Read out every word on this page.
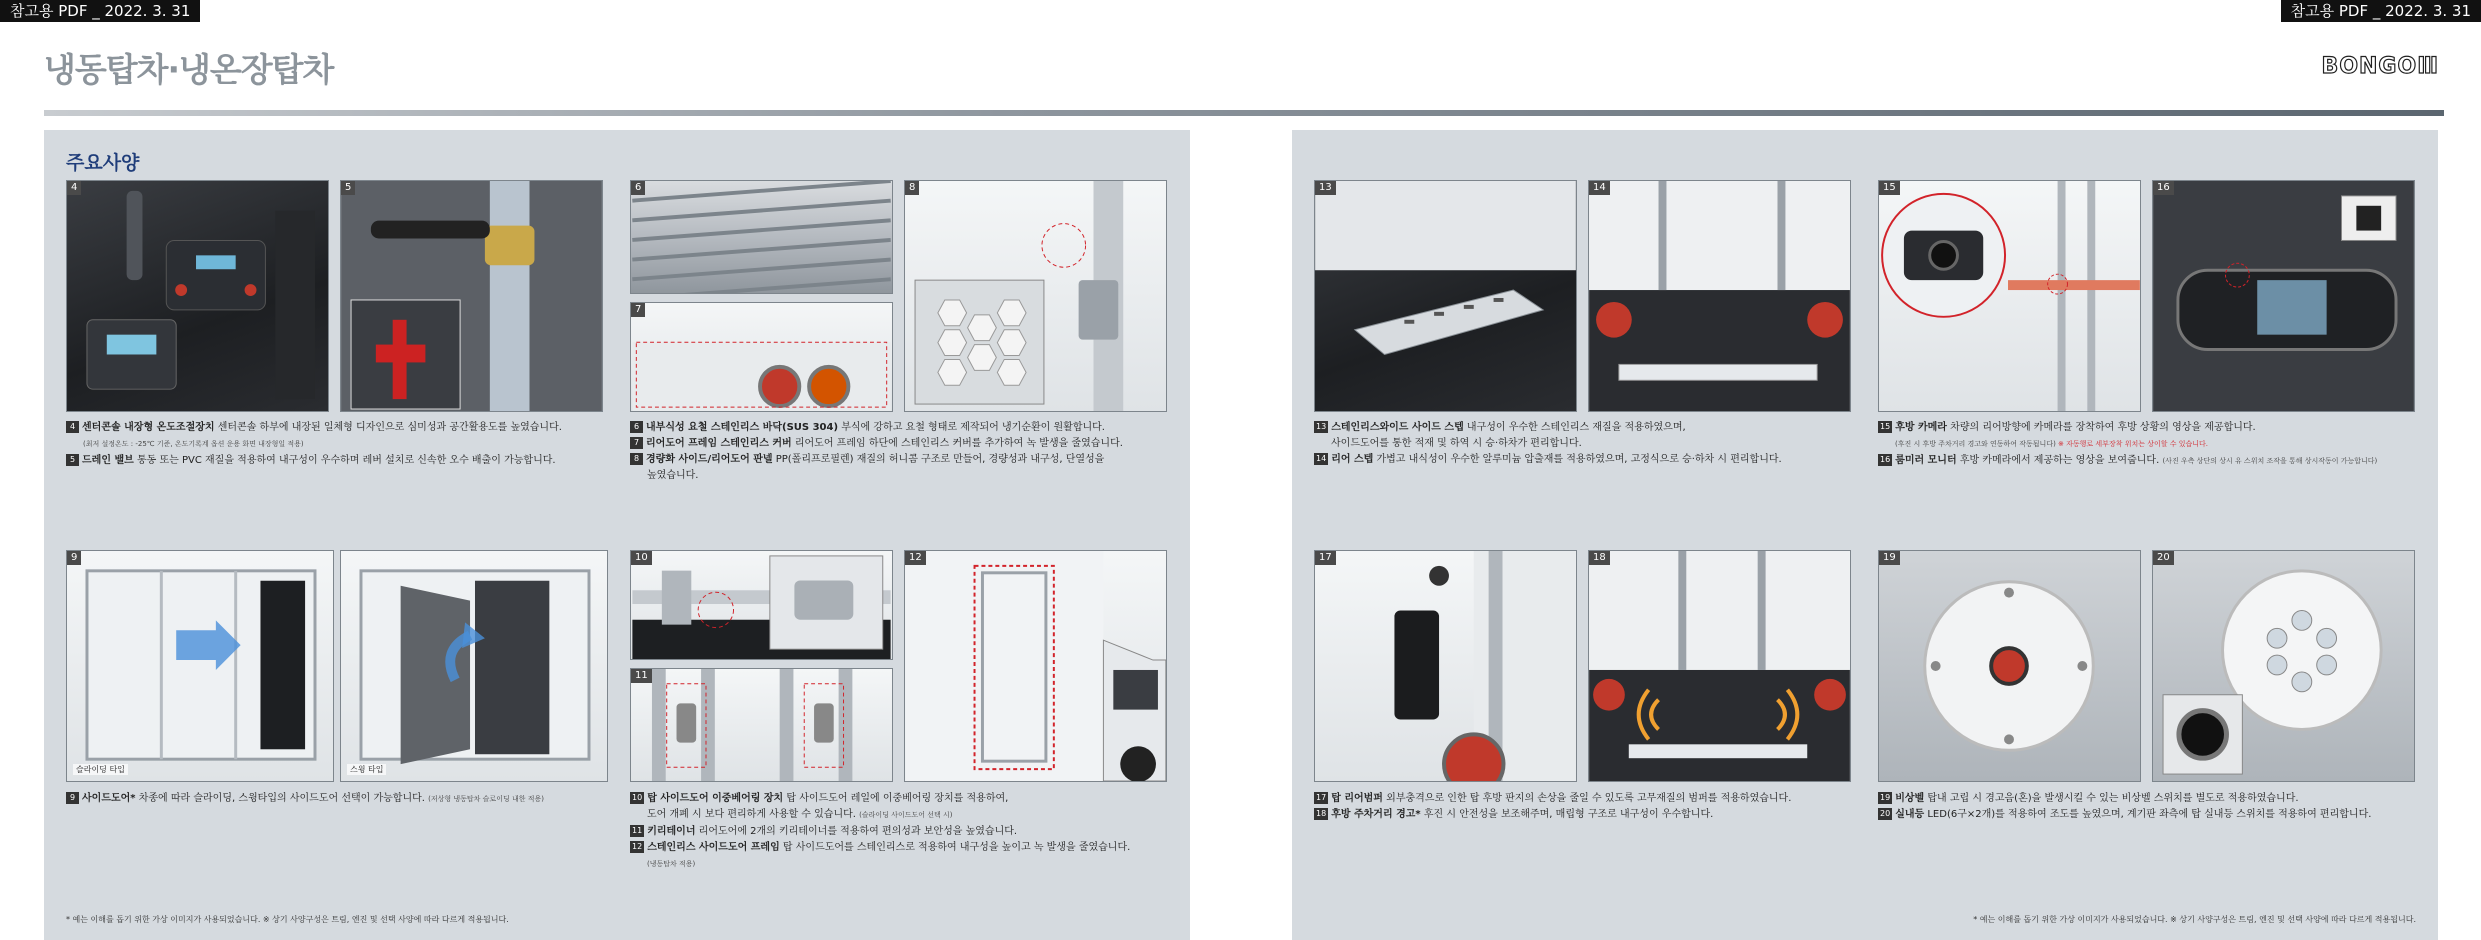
참고용 PDF _ 2022. 3. 31	참고용 PDF _ 2022. 3. 31
냉동탑차·냉온장탑차	BONGOⅢ
주요사양
4	5	6
7
8

4 센터콘솔 내장형 온도조절장치 센터콘솔 하부에 내장된 일체형 디자인으로 심미성과 공간활용도를 높였습니다.

(최저 설정온도 : -25℃ 기준, 온도기록계 옵션 운용 화면 내장형일 적용)

5 드레인 밸브 통동 또는 PVC 재질을 적용하여 내구성이 우수하며 레버 설치로 신속한 오수 배출이 가능합니다.

6 내부식성 요철 스테인리스 바닥(SUS 304) 부식에 강하고 요철 형태로 제작되어 냉기순환이 원활합니다.

7 리어도어 프레임 스테인리스 커버 리어도어 프레임 하단에 스테인리스 커버를 추가하여 녹 발생을 줄였습니다.

8 경량화 사이드/리어도어 판넬 PP(폴리프로필렌) 재질의 허니콤 구조로 만들어, 경량성과 내구성, 단열성을

높였습니다.

9
슬라이딩 타입	스윙 타입
10
11
12

9 사이드도어* 차종에 따라 슬라이딩, 스윙타입의 사이드도어 선택이 가능합니다. (저상형 냉동탑차 슬로이딩 내한 적용)	10 탑 사이드도어 이중베어링 장치 탑 사이드도어 레일에 이중베어링 장치를 적용하여,

도어 개폐 시 보다 편리하게 사용할 수 있습니다. (슬라이딩 사이드도어 선택 시)

11 키리테이너 리어도어에 2개의 키리테이너를 적용하여 편의성과 보안성을 높였습니다.

12 스테인리스 사이드도어 프레임 탑 사이드도어를 스테인리스로 적용하여 내구성을 높이고 녹 발생을 줄였습니다.

(냉동탑차 적용)

* 예는 이해를 돕기 위한 가상 이미지가 사용되었습니다. ※ 상기 사양구성은 트림, 엔진 및 선택 사양에 따라 다르게 적용됩니다.
13	14	15	16

13 스테인리스와이드 사이드 스텝 내구성이 우수한 스테인리스 재질을 적용하였으며,

사이드도어를 통한 적재 및 하역 시 승·하차가 편리합니다.

14 리어 스텝 가볍고 내식성이 우수한 알루미늄 압출재를 적용하였으며, 고정식으로 승·하차 시 편리합니다.

15 후방 카메라 차량의 리어방향에 카메라를 장착하여 후방 상황의 영상을 제공합니다.

(후진 시 후방 주차거리 경고와 연동하여 작동됩니다) ※ 자동행로 세부장착 위치는 상이할 수 있습니다.

16 룸미러 모니터 후방 카메라에서 제공하는 영상을 보여줍니다. (사진 우측 상단의 상시 유 스위치 조작을 통해 상시작동이 가능합니다)

17	18	19	20

17 탑 리어범퍼 외부충격으로 인한 탑 후방 판지의 손상을 줄일 수 있도록 고무재질의 범퍼를 적용하였습니다.

18 후방 주차거리 경고* 후진 시 안전성을 보조해주며, 매립형 구조로 내구성이 우수합니다.

19 비상벨 탑내 고립 시 경고음(혼)을 발생시킬 수 있는 비상벨 스위치를 별도로 적용하였습니다.

20 실내등 LED(6구×2개)를 적용하여 조도를 높였으며, 계기판 좌측에 탑 실내등 스위치를 적용하여 편리합니다.

* 예는 이해를 돕기 위한 가상 이미지가 사용되었습니다. ※ 상기 사양구성은 트림, 엔진 및 선택 사양에 따라 다르게 적용됩니다.
